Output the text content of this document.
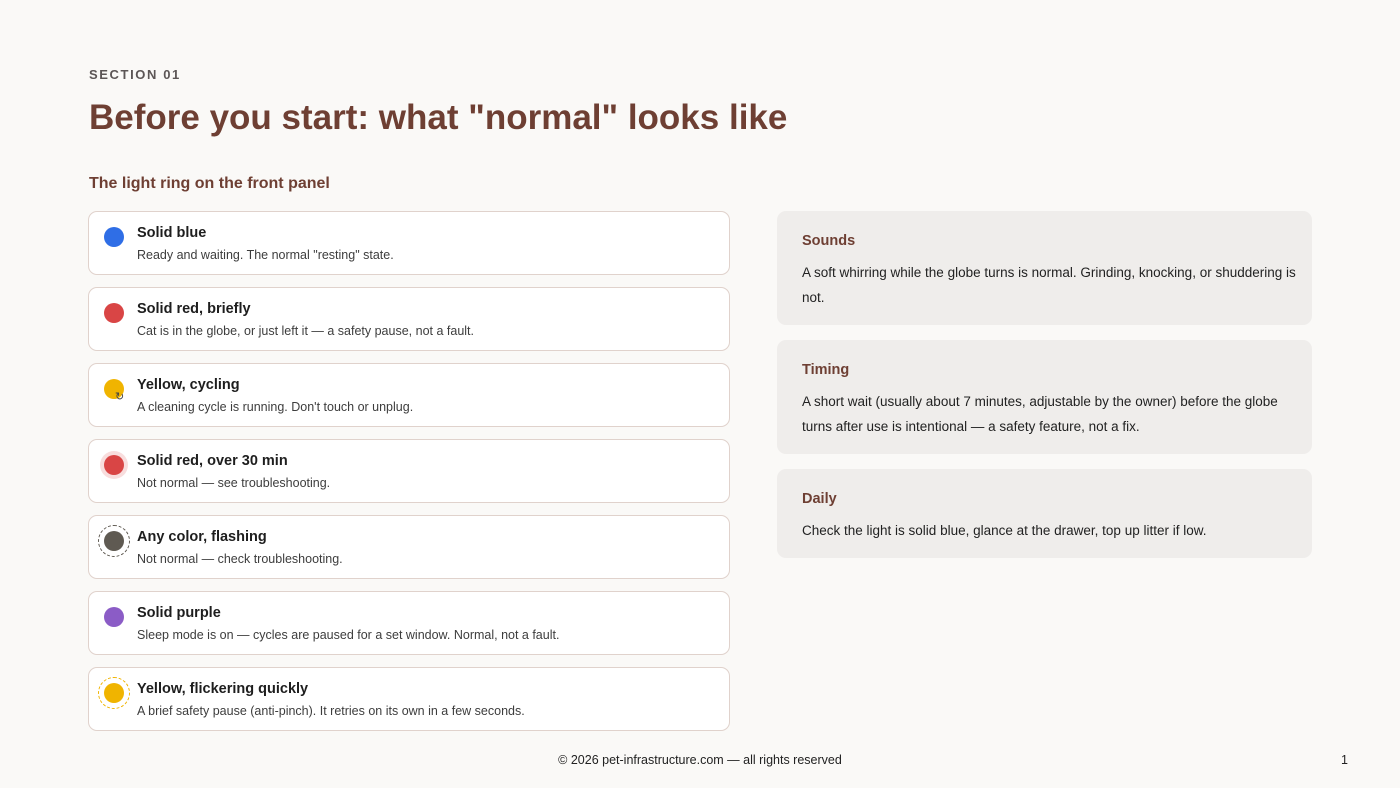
SECTION 01
Before you start: what "normal" looks like
The light ring on the front panel
Solid blue
Ready and waiting. The normal "resting" state.
Solid red, briefly
Cat is in the globe, or just left it — a safety pause, not a fault.
↻
Yellow, cycling
A cleaning cycle is running. Don't touch or unplug.
Solid red, over 30 min
Not normal — see troubleshooting.
Any color, flashing
Not normal — check troubleshooting.
Solid purple
Sleep mode is on — cycles are paused for a set window. Normal, not a fault.
Yellow, flickering quickly
A brief safety pause (anti-pinch). It retries on its own in a few seconds.
Sounds
A soft whirring while the globe turns is normal. Grinding, knocking, or shuddering is not.
Timing
A short wait (usually about 7 minutes, adjustable by the owner) before the globe turns after use is intentional — a safety feature, not a fix.
Daily
Check the light is solid blue, glance at the drawer, top up litter if low.
© 2026 pet-infrastructure.com — all rights reserved	1
